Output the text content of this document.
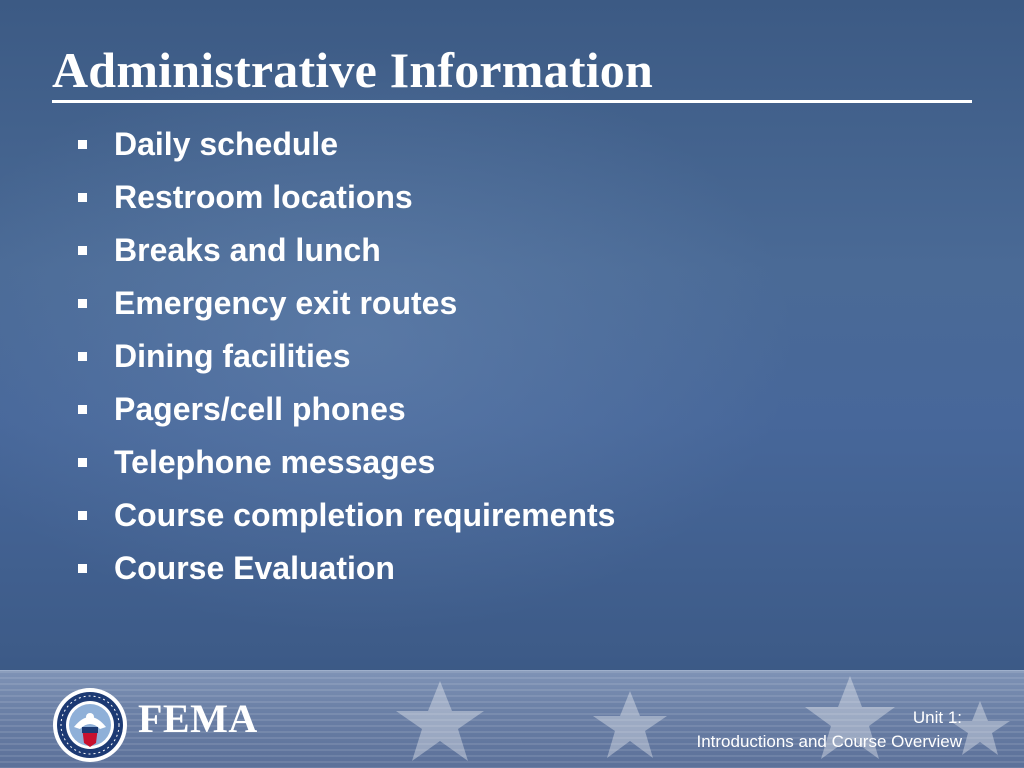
Administrative Information
Daily schedule
Restroom locations
Breaks and lunch
Emergency exit routes
Dining facilities
Pagers/cell phones
Telephone messages
Course completion requirements
Course Evaluation
FEMA	Unit 1:
Introductions and Course Overview
